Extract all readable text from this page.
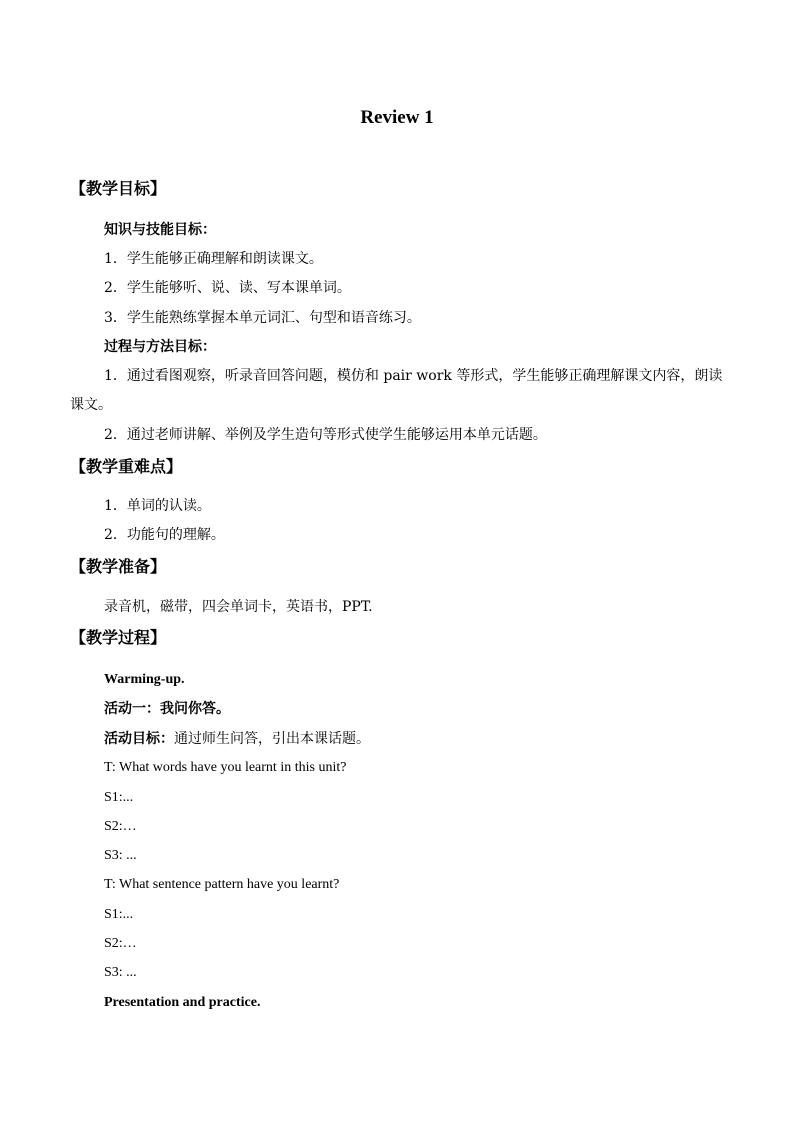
Review 1
【教学目标】
知识与技能目标：
1．学生能够正确理解和朗读课文。
2．学生能够听、说、读、写本课单词。
3．学生能熟练掌握本单元词汇、句型和语音练习。
过程与方法目标：
1．通过看图观察，听录音回答问题，模仿和 pair work 等形式，学生能够正确理解课文内容，朗读课文。
2．通过老师讲解、举例及学生造句等形式使学生能够运用本单元话题。
【教学重难点】
1．单词的认读。
2．功能句的理解。
【教学准备】
录音机，磁带，四会单词卡，英语书，PPT.
【教学过程】
Warming-up.
活动一：我问你答。
活动目标：通过师生问答，引出本课话题。
T: What words have you learnt in this unit?
S1:...
S2:…
S3: ...
T: What sentence pattern have you learnt?
S1:...
S2:…
S3: ...
Presentation and practice.
